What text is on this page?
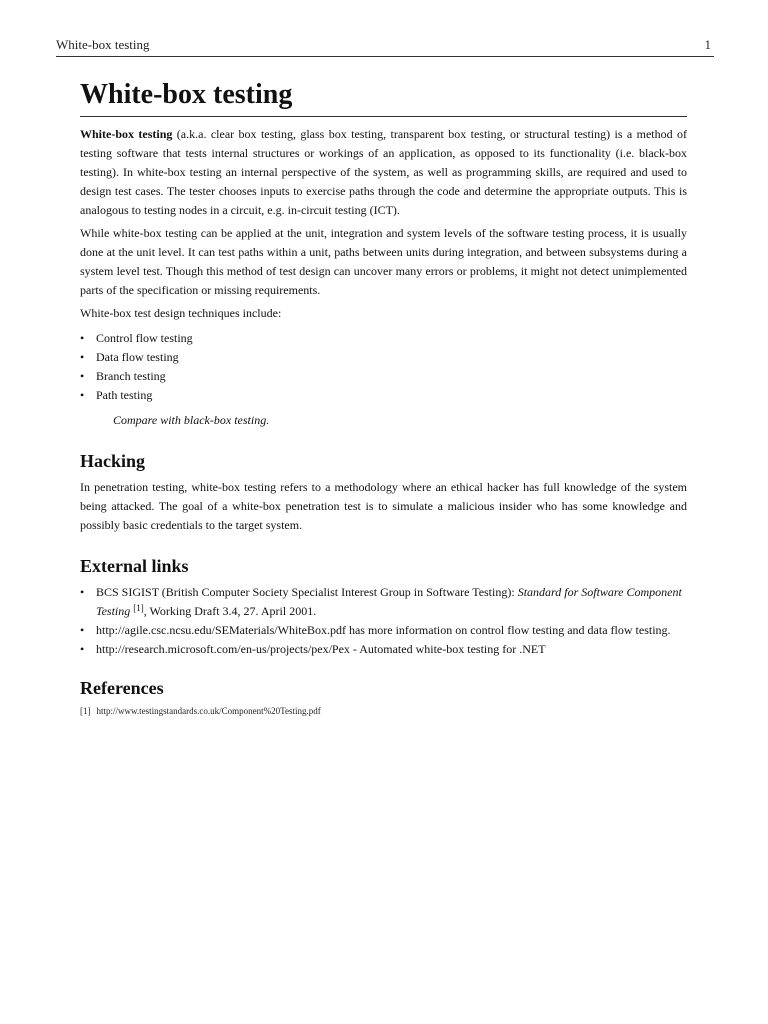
White-box testing	1
White-box testing

White-box testing (a.k.a. clear box testing, glass box testing, transparent box testing, or structural testing) is a method of testing software that tests internal structures or workings of an application, as opposed to its functionality (i.e. black-box testing). In white-box testing an internal perspective of the system, as well as programming skills, are required and used to design test cases. The tester chooses inputs to exercise paths through the code and determine the appropriate outputs. This is analogous to testing nodes in a circuit, e.g. in-circuit testing (ICT).

While white-box testing can be applied at the unit, integration and system levels of the software testing process, it is usually done at the unit level. It can test paths within a unit, paths between units during integration, and between subsystems during a system level test. Though this method of test design can uncover many errors or problems, it might not detect unimplemented parts of the specification or missing requirements.

White-box test design techniques include:

• Control flow testing
• Data flow testing
• Branch testing
• Path testing
Compare with black-box testing.
Hacking

In penetration testing, white-box testing refers to a methodology where an ethical hacker has full knowledge of the system being attacked. The goal of a white-box penetration test is to simulate a malicious insider who has some knowledge and possibly basic credentials to the target system.

External links
• BCS SIGIST (British Computer Society Specialist Interest Group in Software Testing): Standard for Software Component Testing [1], Working Draft 3.4, 27. April 2001.
• http://agile.csc.ncsu.edu/SEMaterials/WhiteBox.pdf has more information on control flow testing and data flow testing.
• http://research.microsoft.com/en-us/projects/pex/Pex - Automated white-box testing for .NET
References
[1] http://www.testingstandards.co.uk/Component%20Testing.pdf
